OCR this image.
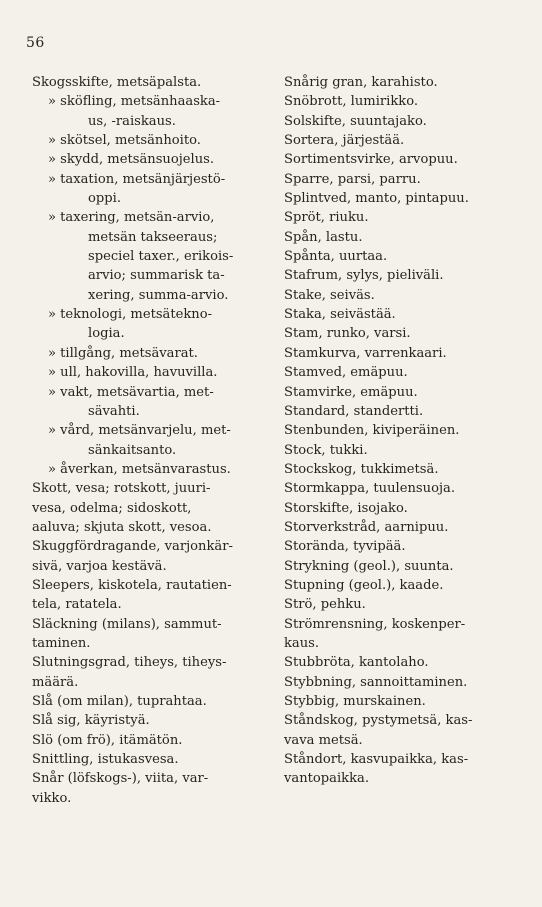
56
Skogsskifte, metsäpalsta.
» sköfling, metsänhaaska-
us, -raiskaus.
» skötsel, metsänhoito.
» skydd, metsänsuojelus.
» taxation, metsänjärjestö-
oppi.
» taxering, metsän-arvio,
metsän takseeraus;
speciel taxer., erikois-
arvio; summarisk ta-
xering, summa-arvio.
» teknologi, metsätekno-
logia.
» tillgång, metsävarat.
» ull, hakovilla, havuvilla.
» vakt, metsävartia, met-
sävahti.
» vård, metsänvarjelu, met-
sänkaitsanto.
» åverkan, metsänvarastus.
Skott, vesa; rotskott, juuri-
vesa, odelma; sidoskott,
aaluva; skjuta skott, vesoa.
Skuggfördragande, varjonkär-
sivä, varjoa kestävä.
Sleepers, kiskotela, rautatien-
tela, ratatela.
Släckning (milans), sammut-
taminen.
Slutningsgrad, tiheys, tiheys-
määrä.
Slå (om milan), tuprahtaa.
Slå sig, käyristyä.
Slö (om frö), itämätön.
Snittling, istukasvesa.
Snår (löfskogs-), viita, var-
vikko.
Snårig gran, karahisto.
Snöbrott, lumirikko.
Solskifte, suuntajako.
Sortera, järjestää.
Sortimentsvirke, arvopuu.
Sparre, parsi, parru.
Splintved, manto, pintapuu.
Spröt, riuku.
Spån, lastu.
Spånta, uurtaa.
Stafrum, sylys, pieliväli.
Stake, seiväs.
Staka, seivästää.
Stam, runko, varsi.
Stamkurva, varrenkaari.
Stamved, emäpuu.
Stamvirke, emäpuu.
Standard, standertti.
Stenbunden, kiviperäinen.
Stock, tukki.
Stockskog, tukkimetsä.
Stormkappa, tuulensuoja.
Storskifte, isojako.
Storverkstråd, aarnipuu.
Storända, tyvipää.
Strykning (geol.), suunta.
Stupning (geol.), kaade.
Strö, pehku.
Strömrensning, koskenper-
kaus.
Stubbröta, kantolaho.
Stybbning, sannoittaminen.
Stybbig, murskainen.
Ståndskog, pystymetsä, kas-
vava metsä.
Ståndort, kasvupaikka, kas-
vantopaikka.
